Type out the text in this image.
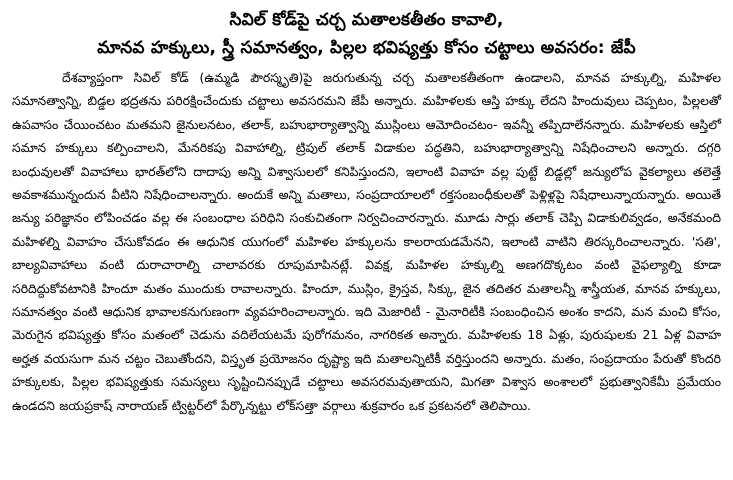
సివిల్ కోడ్‌పై చర్చ మతాలకతీతం కావాలి,
మానవ హక్కులు, స్త్రీ సమానత్వం, పిల్లల భవిష్యత్తు కోసం చట్టాలు అవసరం: జేపీ

దేశవ్యాప్తంగా సివిల్ కోడ్ (ఉమ్మడి పౌరస్మృతి)పై జరుగుతున్న చర్చ మతాలకతీతంగా ఉండాలని, మానవ హక్కుల్ని, మహిళల సమానత్వాన్ని, బిడ్డల భద్రతను పరిరక్షించేందుకు చట్టాలు అవసరమని జేపీ అన్నారు. మహిళలకు ఆస్తి హక్కు లేదని హిందువులు చెప్పటం, పిల్లలతో ఉపవాసం చేయించటం మతమని జైనులనటం, తలాక్, బహుభార్యాత్వాన్ని ముస్లింలు ఆమోదించటం- ఇవన్నీ తప్పిదాలేనన్నారు. మహిళలకు ఆస్తిలో సమాన హక్కులు కల్పించాలని, మేనరికపు వివాహాల్ని, ట్రిపుల్ తలాక్ విడాకుల పద్ధతిని, బహుభార్యాత్వాన్ని నిషేధించాలని అన్నారు. దగ్గరి బంధువులతో వివాహాలు భారత్‌లోని దాదాపు అన్ని విశ్వాసులలో కనిపిస్తుందని, ఇలాంటి వివాహ వల్ల పుట్టే బిడ్డల్లో జన్యులోప వైకల్యాలు తలెత్తే అవకాశమున్నందున వీటిని నిషేధించాలన్నారు. అందుకే అన్ని మతాలు, సంప్రదాయాలలో రక్తసంబంధీకులతో పెళ్లిళ్లపై నిషేధాలున్నాయన్నారు. అయితే జన్యు పరిజ్ఞానం లోపించడం వల్ల ఈ సంబంధాల పరిధిని సంకుచితంగా నిర్వచించారన్నారు. మూడు సార్లు తలాక్ చెప్పి విడాకులివ్వడం, అనేకమంది మహిళల్ని వివాహం చేసుకోవడం ఈ ఆధునిక యుగంలో మహిళల హక్కులను కాలరాయడమేనని, ఇలాంటి వాటిని తిరస్కరించాలన్నారు. 'సతి', బాల్యవివాహాలు వంటి దురాచారాల్ని చాలావరకు రూపుమాపినట్లే. వివక్ష, మహిళల హక్కుల్ని అణగదొక్కటం వంటి వైఫల్యాల్ని కూడా సరిదిద్దుకోవటానికి హిందూ మతం ముందుకు రావాలన్నారు. హిందూ, ముస్లిం, క్రైస్తవ, సిక్కు, జైన తదితర మతాలన్నీ శాస్త్రీయత, మానవ హక్కులు, సమానత్వం వంటి ఆధునిక భావాలకనుగుణంగా వ్యవహరించాలన్నారు. ఇది మెజారిటీ - మైనారిటీకి సంబంధించిన అంశం కాదని, మన మంచి కోసం, మెరుగైన భవిష్యత్తు కోసం మతంలో చెడును వదిలేయటమే పురోగమనం, నాగరికత అన్నారు. మహిళలకు 18 ఏళ్లు, పురుషులకు 21 ఏళ్ల వివాహ అర్హత వయసుగా మన చట్టం చెబుతోందని, విస్తృత ప్రయోజనం దృష్ట్యా ఇది మతాలన్నిటికీ వర్తిస్తుందని అన్నారు. మతం, సంప్రదాయం పేరుతో కొందరి హక్కులకు, పిల్లల భవిష్యత్తుకు సమస్యలు సృష్టించినప్పుడే చట్టాలు అవసరమవుతాయని, మిగతా విశ్వాస అంశాలలో ప్రభుత్వానికేమీ ప్రమేయం ఉండదని జయప్రకాష్ నారాయణ్ ట్విట్టర్‌లో పేర్కొన్నట్టు లోక్‌సత్తా వర్గాలు శుక్రవారం ఒక ప్రకటనలో తెలిపాయి.
